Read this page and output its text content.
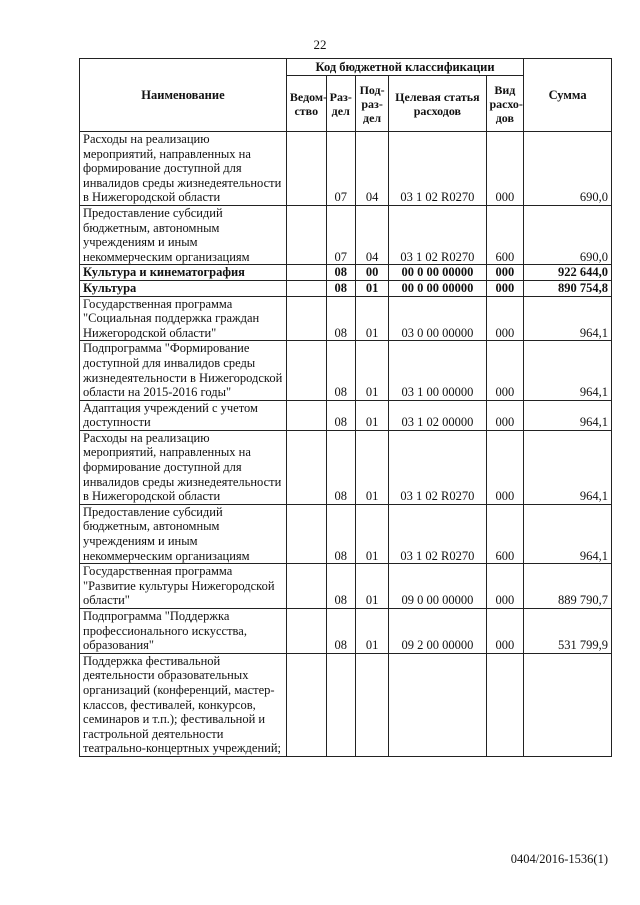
22
Наименование	Код бюджетной классификации					Сумма
	Ведом-ство	Раз-дел	Под-раз-дел	Целевая статья расходов	Вид расхо-дов	
Расходы на реализацию мероприятий, направленных на формирование доступной для инвалидов среды жизнедеятельности в Нижегородской области		07	04	03 1 02 R0270	000	690,0
Предоставление субсидий бюджетным, автономным учреждениям и иным некоммерческим организациям		07	04	03 1 02 R0270	600	690,0
Культура и кинематография		08	00	00 0 00 00000	000	922 644,0
Культура		08	01	00 0 00 00000	000	890 754,8
Государственная программа "Социальная поддержка граждан Нижегородской области"		08	01	03 0 00 00000	000	964,1
Подпрограмма "Формирование доступной для инвалидов среды жизнедеятельности в Нижегородской области на 2015-2016 годы"		08	01	03 1 00 00000	000	964,1
Адаптация учреждений с учетом доступности		08	01	03 1 02 00000	000	964,1
Расходы на реализацию мероприятий, направленных на формирование доступной для инвалидов среды жизнедеятельности в Нижегородской области		08	01	03 1 02 R0270	000	964,1
Предоставление субсидий бюджетным, автономным учреждениям и иным некоммерческим организациям		08	01	03 1 02 R0270	600	964,1
Государственная программа "Развитие культуры Нижегородской области"		08	01	09 0 00 00000	000	889 790,7
Подпрограмма "Поддержка профессионального искусства, образования"		08	01	09 2 00 00000	000	531 799,9
Поддержка фестивальной деятельности образовательных организаций (конференций, мастер-классов, фестивалей, конкурсов, семинаров и т.п.); фестивальной и гастрольной деятельности театрально-концертных учреждений;						
0404/2016-1536(1)
